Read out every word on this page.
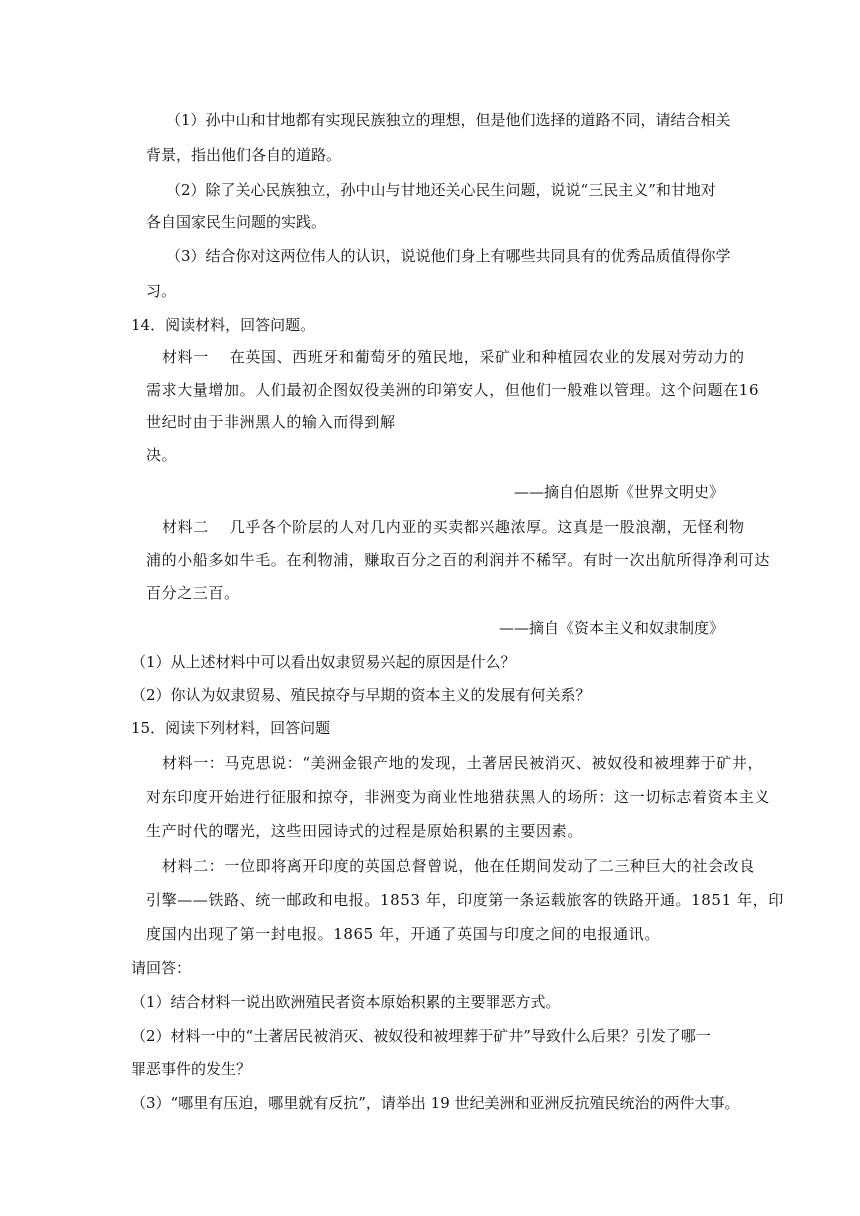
（1）孙中山和甘地都有实现民族独立的理想，但是他们选择的道路不同，请结合相关
背景，指出他们各自的道路。
（2）除了关心民族独立，孙中山与甘地还关心民生问题，说说“三民主义”和甘地对
各自国家民生问题的实践。
（3）结合你对这两位伟人的认识，说说他们身上有哪些共同具有的优秀品质值得你学
习。
14．阅读材料，回答问题。
材料一　 在英国、西班牙和葡萄牙的殖民地，采矿业和种植园农业的发展对劳动力的
需求大量增加。人们最初企图奴役美洲的印第安人，但他们一般难以管理。这个问题在16
世纪时由于非洲黑人的输入而得到解
决。
——摘自伯恩斯《世界文明史》
材料二　 几乎各个阶层的人对几内亚的买卖都兴趣浓厚。这真是一股浪潮，无怪利物
浦的小船多如牛毛。在利物浦，赚取百分之百的利润并不稀罕。有时一次出航所得净利可达
百分之三百。
——摘自《资本主义和奴隶制度》
（1）从上述材料中可以看出奴隶贸易兴起的原因是什么？
（2）你认为奴隶贸易、殖民掠夺与早期的资本主义的发展有何关系？
15．阅读下列材料，回答问题
材料一：马克思说：“美洲金银产地的发现，土著居民被消灭、被奴役和被埋葬于矿井，
对东印度开始进行征服和掠夺，非洲变为商业性地猎获黑人的场所：这一切标志着资本主义
生产时代的曙光，这些田园诗式的过程是原始积累的主要因素。
材料二：一位即将离开印度的英国总督曾说，他在任期间发动了二三种巨大的社会改良
引擎——铁路、统一邮政和电报。1853 年，印度第一条运载旅客的铁路开通。1851 年，印
度国内出现了第一封电报。1865 年，开通了英国与印度之间的电报通讯。
请回答：
（1）结合材料一说出欧洲殖民者资本原始积累的主要罪恶方式。
（2）材料一中的“土著居民被消灭、被奴役和被埋葬于矿井”导致什么后果？引发了哪一
罪恶事件的发生？
（3）“哪里有压迫，哪里就有反抗”，请举出 19 世纪美洲和亚洲反抗殖民统治的两件大事。
